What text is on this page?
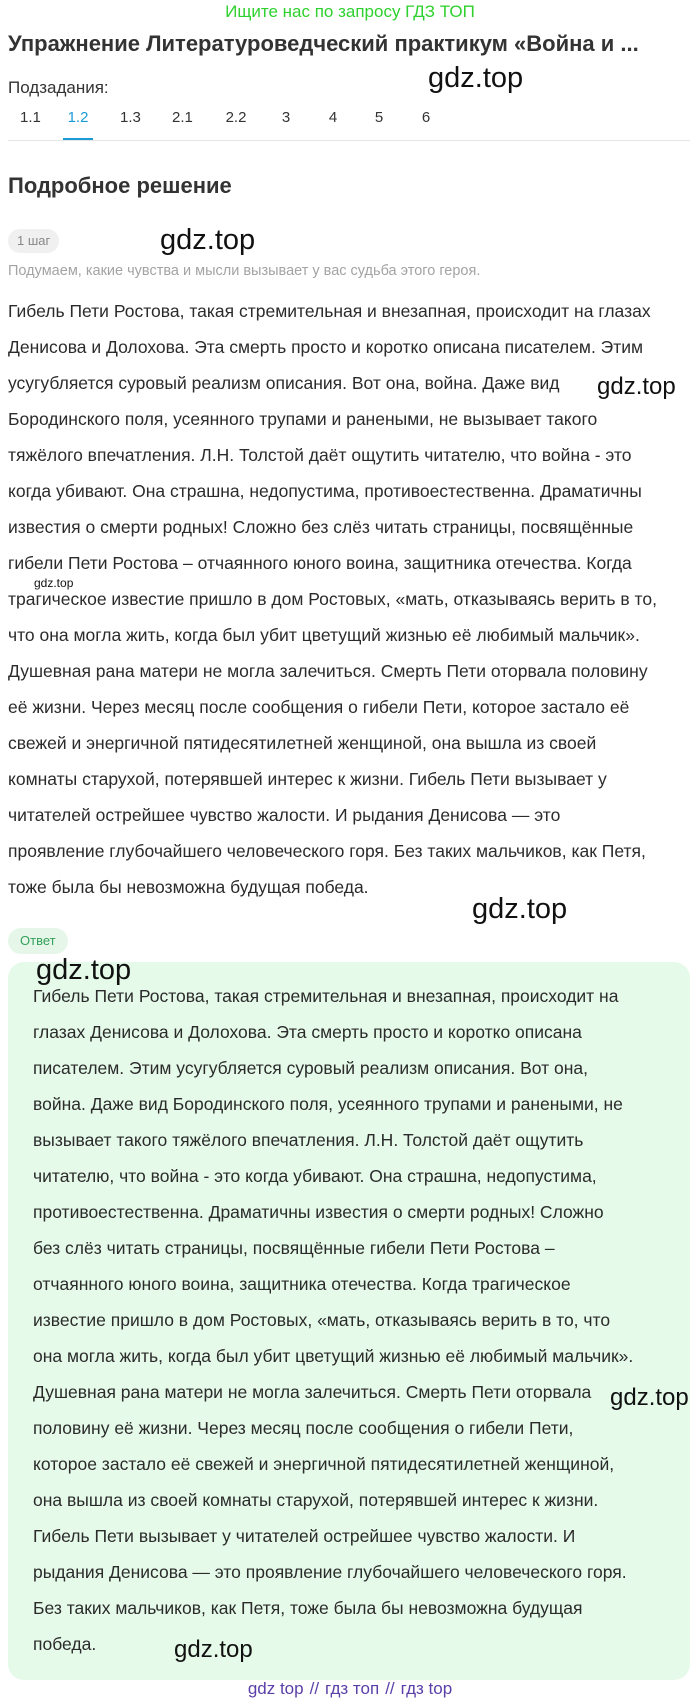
Ищите нас по запросу ГДЗ ТОП
Упражнение Литературоведческий практикум «Война и ...
Подзадания:
1.1	1.2	1.3 2.1 2.2 3	4	5	6
Подробное решение
1 шаг
Подумаем, какие чувства и мысли вызывает у вас судьба этого героя.
Гибель Пети Ростова, такая стремительная и внезапная, происходит на глазах
Денисова и Долохова. Эта смерть просто и коротко описана писателем. Этим
усугубляется суровый реализм описания. Вот она, война. Даже вид
Бородинского поля, усеянного трупами и ранеными, не вызывает такого
тяжёлого впечатления. Л.Н. Толстой даёт ощутить читателю, что война - это
когда убивают. Она страшна, недопустима, противоестественна. Драматичны
известия о смерти родных! Сложно без слёз читать страницы, посвящённые
гибели Пети Ростова – отчаянного юного воина, защитника отечества. Когда
трагическое известие пришло в дом Ростовых, «мать, отказываясь верить в то,
что она могла жить, когда был убит цветущий жизнью её любимый мальчик».
Душевная рана матери не могла залечиться. Смерть Пети оторвала половину
её жизни. Через месяц после сообщения о гибели Пети, которое застало её
свежей и энергичной пятидесятилетней женщиной, она вышла из своей
комнаты старухой, потерявшей интерес к жизни. Гибель Пети вызывает у
читателей острейшее чувство жалости. И рыдания Денисова — это
проявление глубочайшего человеческого горя. Без таких мальчиков, как Петя,
тоже была бы невозможна будущая победа.
Ответ
Гибель Пети Ростова, такая стремительная и внезапная, происходит на
глазах Денисова и Долохова. Эта смерть просто и коротко описана
писателем. Этим усугубляется суровый реализм описания. Вот она,
война. Даже вид Бородинского поля, усеянного трупами и ранеными, не
вызывает такого тяжёлого впечатления. Л.Н. Толстой даёт ощутить
читателю, что война - это когда убивают. Она страшна, недопустима,
противоестественна. Драматичны известия о смерти родных! Сложно
без слёз читать страницы, посвящённые гибели Пети Ростова –
отчаянного юного воина, защитника отечества. Когда трагическое
известие пришло в дом Ростовых, «мать, отказываясь верить в то, что
она могла жить, когда был убит цветущий жизнью её любимый мальчик».
Душевная рана матери не могла залечиться. Смерть Пети оторвала
половину её жизни. Через месяц после сообщения о гибели Пети,
которое застало её свежей и энергичной пятидесятилетней женщиной,
она вышла из своей комнаты старухой, потерявшей интерес к жизни.
Гибель Пети вызывает у читателей острейшее чувство жалости. И
рыдания Денисова — это проявление глубочайшего человеческого горя.
Без таких мальчиков, как Петя, тоже была бы невозможна будущая
победа.
gdz.top
gdz.top
gdz.top
gdz.top
gdz.top
gdz.top
gdz.top
gdz.top
gdz top // гдз топ // гдз top
